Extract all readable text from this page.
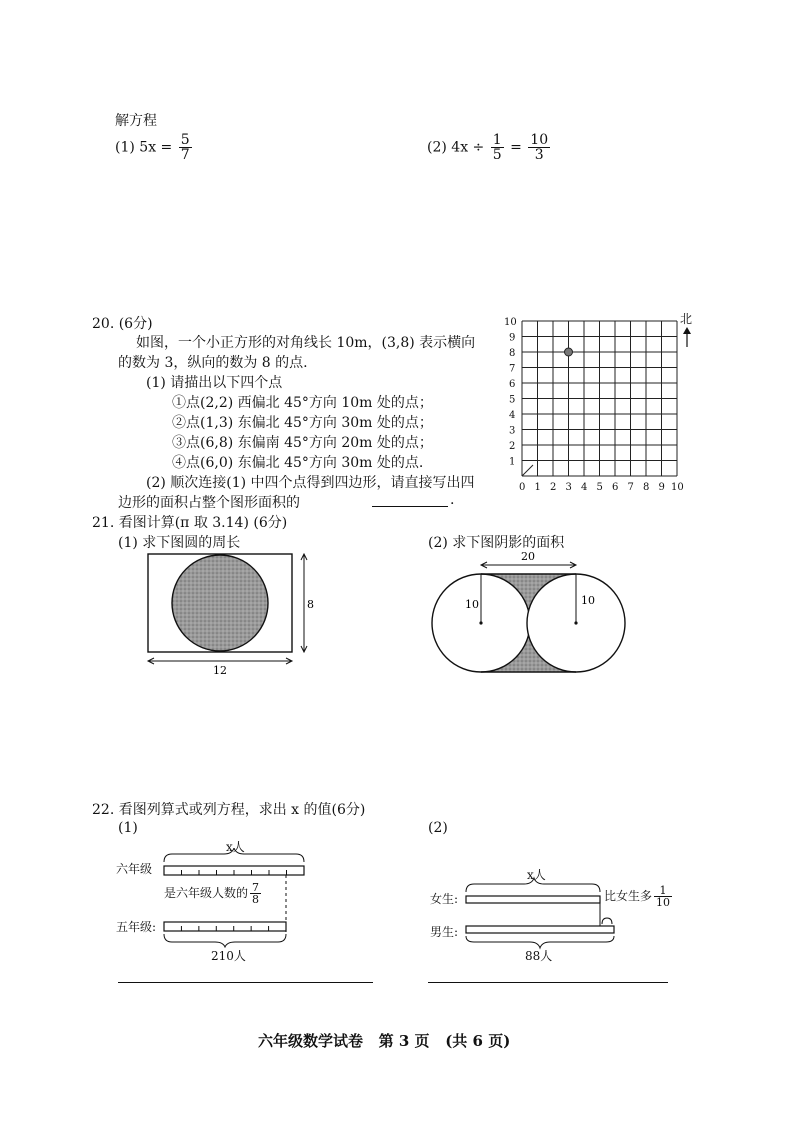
解方程
(1) $5x = \frac{5}{7}$	(2) $4x \div \frac{1}{5} = \frac{10}{3}$
20. (6分)
如图，一个小正方形的对角线长 10m，(3,8) 表示横向
的数为 3，纵向的数为 8 的点.
(1) 请描出以下四个点
①点(2,2) 西偏北 45°方向 10m 处的点；
②点(1,3) 东偏北 45°方向 30m 处的点；
③点(6,8) 东偏南 45°方向 20m 处的点；
④点(6,0) 东偏北 45°方向 30m 处的点.
(2) 顺次连接(1) 中四个点得到四边形，请直接写出四
边形的面积占整个图形面积的	.
10
9
8
7
6
5
4
3
2
1
0 1 2 3 4 5 6 7 8 9 10
北
21. 看图计算(π 取 3.14) (6分)
(1) 求下图圆的周长	(2) 求下图阴影的面积
8
12
10	10
20
22. 看图列算式或列方程，求出 x 的值(6分)
(1)	(2)
x人
六年级
是六年级人数的 $\frac{7}{8}$
五年级:
210人
x人
女生:
男生:
比女生多 $\frac{1}{10}$
88人
六年级数学试卷   第 3 页   (共 6 页)
